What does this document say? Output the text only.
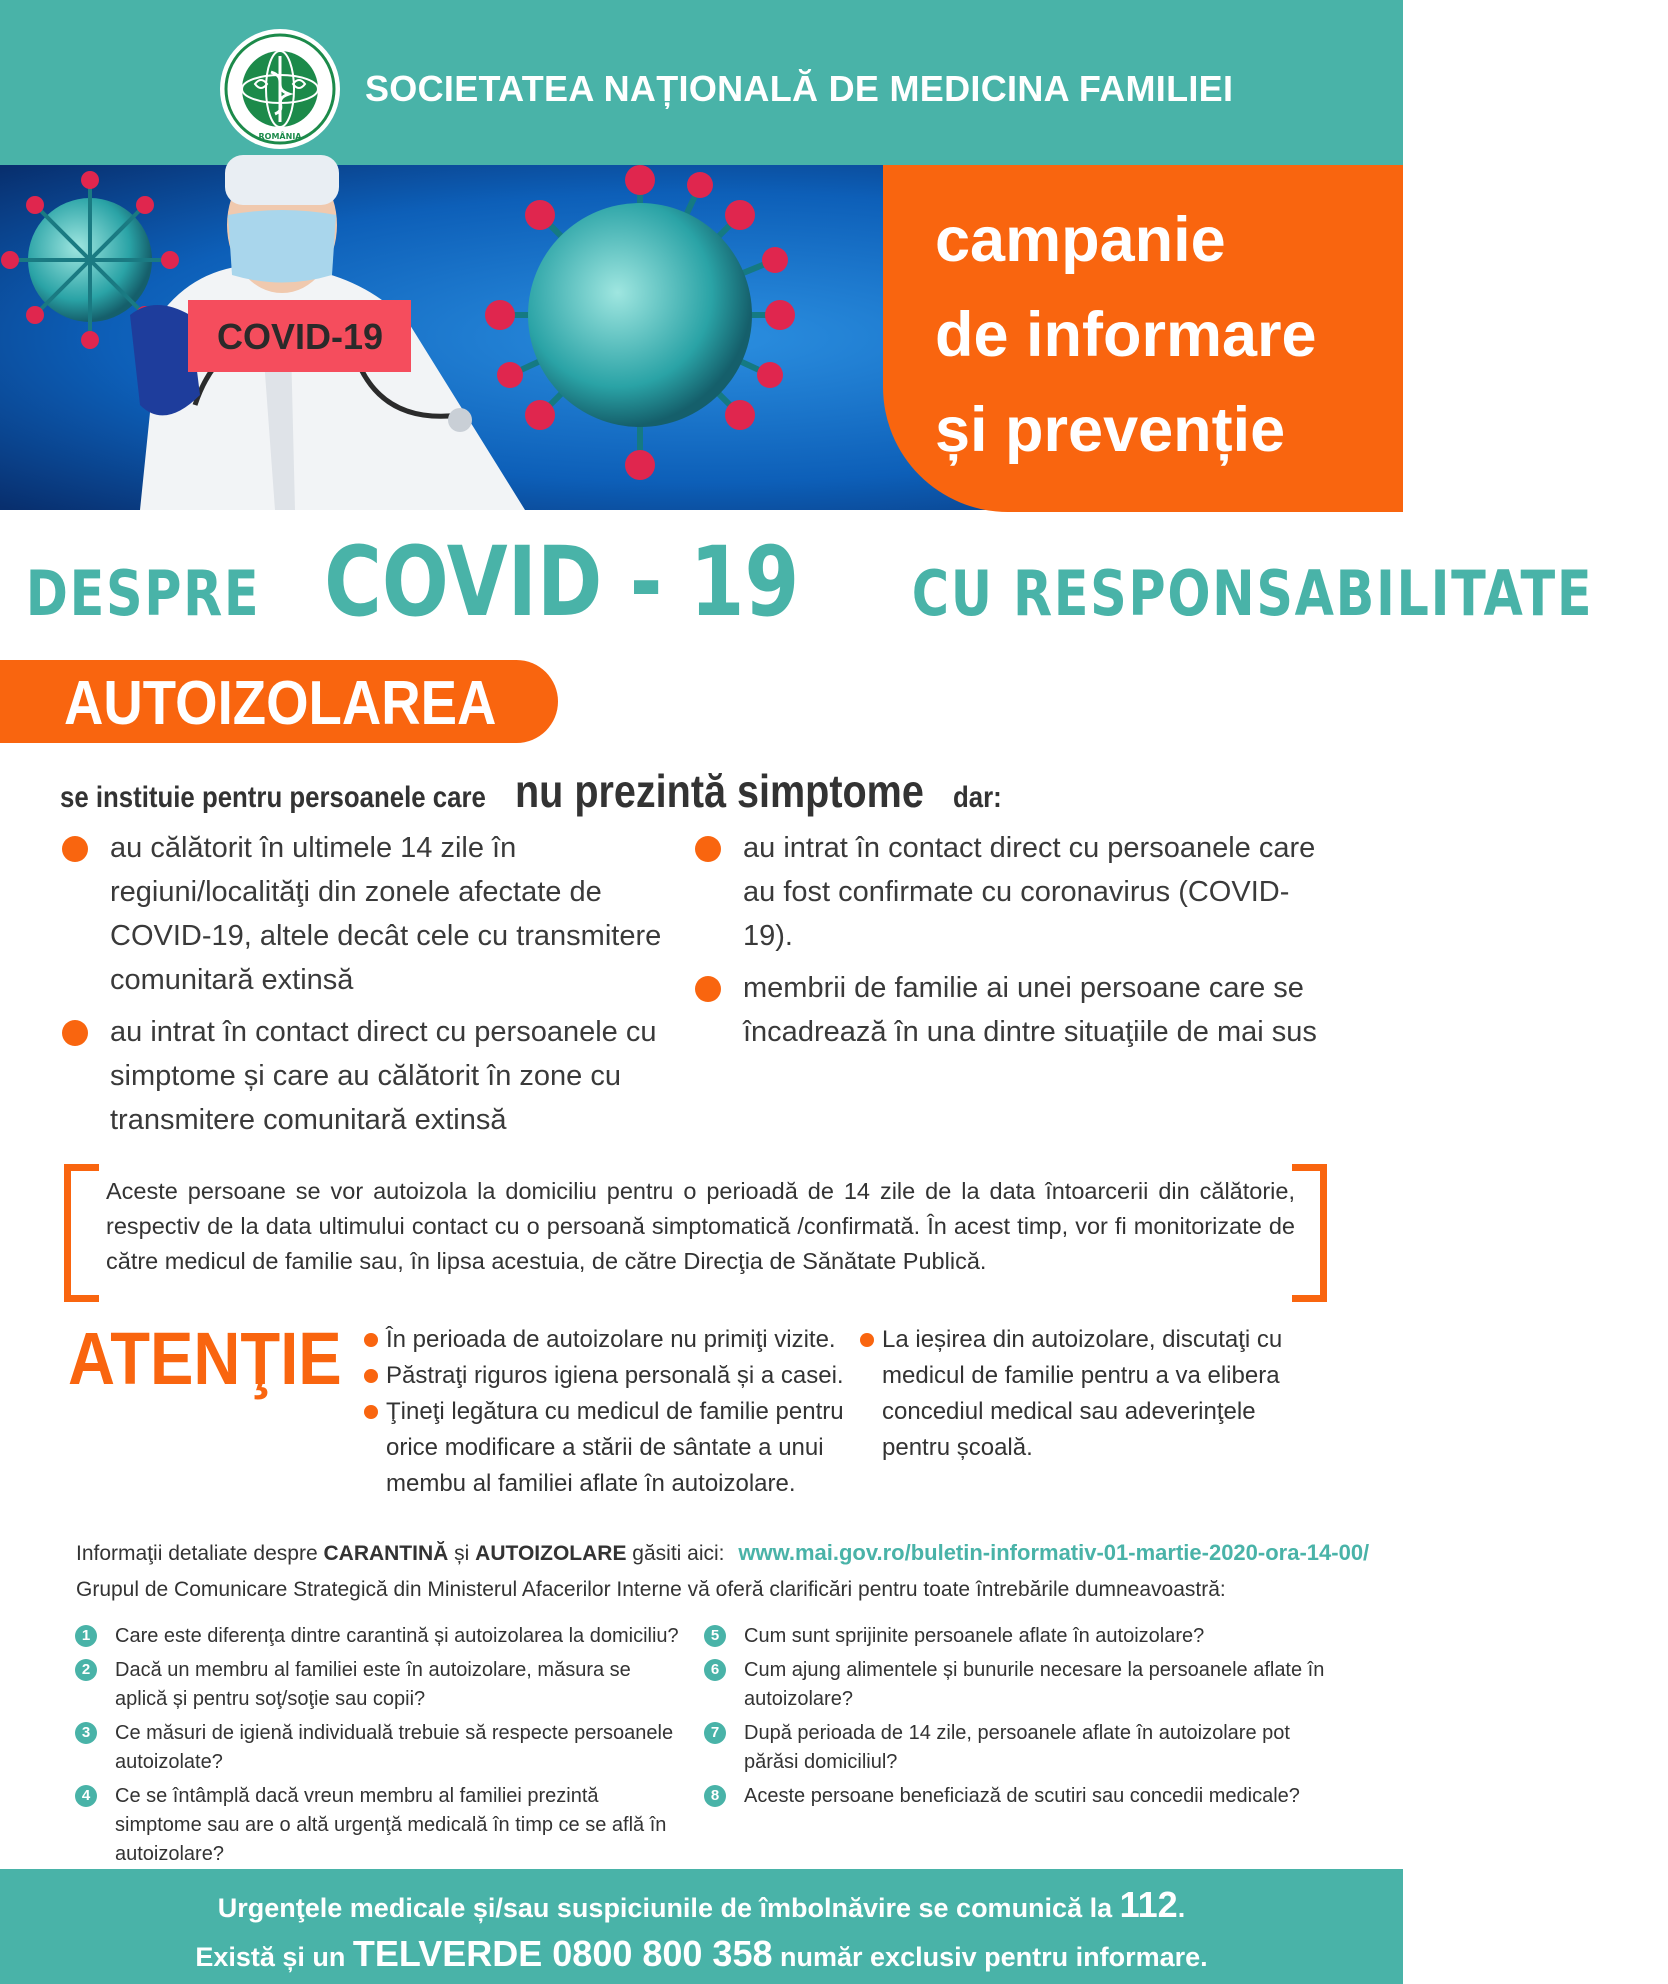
• ROMÂNIA •
SOCIETATEA NAȚIONALĂ DE MEDICINA FAMILIEI
COVID-19
campanie
de informare
și prevenție
DESPRE COVID - 19 CU RESPONSABILITATE
AUTOIZOLAREA
se instituie pentru persoanele care nu prezintă simptome dar:
au călătorit în ultimele 14 zile în regiuni/localităţi din zonele afectate de COVID-19, altele decât cele cu transmitere comunitară extinsă
au intrat în contact direct cu persoanele cu simptome și care au călătorit în zone cu transmitere comunitară extinsă
au intrat în contact direct cu persoanele care au fost confirmate cu coronavirus (COVID-19).
membrii de familie ai unei persoane care se încadrează în una dintre situaţiile de mai sus
Aceste persoane se vor autoizola la domiciliu pentru o perioadă de 14 zile de la data întoarcerii din călătorie, respectiv de la data ultimului contact cu o persoană simptomatică /confirmată. În acest timp, vor fi monitorizate de către medicul de familie sau, în lipsa acestuia, de către Direcţia de Sănătate Publică.
ATENŢIE	În perioada de autoizolare nu primiţi vizite.
Păstraţi riguros igiena personală și a casei.
Ţineţi legătura cu medicul de familie pentru orice modificare a stării de sântate a unui membu al familiei aflate în autoizolare.
La ieșirea din autoizolare, discutaţi cu medicul de familie pentru a va elibera concediul medical sau adeverinţele pentru școală.
Informaţii detaliate despre CARANTINĂ și AUTOIZOLARE găsiti aici: www.mai.gov.ro/buletin-informativ-01-martie-2020-ora-14-00/
Grupul de Comunicare Strategică din Ministerul Afacerilor Interne vă oferă clarificări pentru toate întrebările dumneavoastră:
1	Care este diferenţa dintre carantină și autoizolarea la domiciliu?
2	Dacă un membru al familiei este în autoizolare, măsura se aplică și pentru soţ/soţie sau copii?
3	Ce măsuri de igienă individuală trebuie să respecte persoanele autoizolate?
4	Ce se întâmplă dacă vreun membru al familiei prezintă simptome sau are o altă urgenţă medicală în timp ce se află în autoizolare?
5	Cum sunt sprijinite persoanele aflate în autoizolare?
6	Cum ajung alimentele și bunurile necesare la persoanele aflate în autoizolare?
7	După perioada de 14 zile, persoanele aflate în autoizolare pot părăsi domiciliul?
8	Aceste persoane beneficiază de scutiri sau concedii medicale?
Urgenţele medicale și/sau suspiciunile de îmbolnăvire se comunică la 112.
Există și un TELVERDE 0800 800 358 număr exclusiv pentru informare.
